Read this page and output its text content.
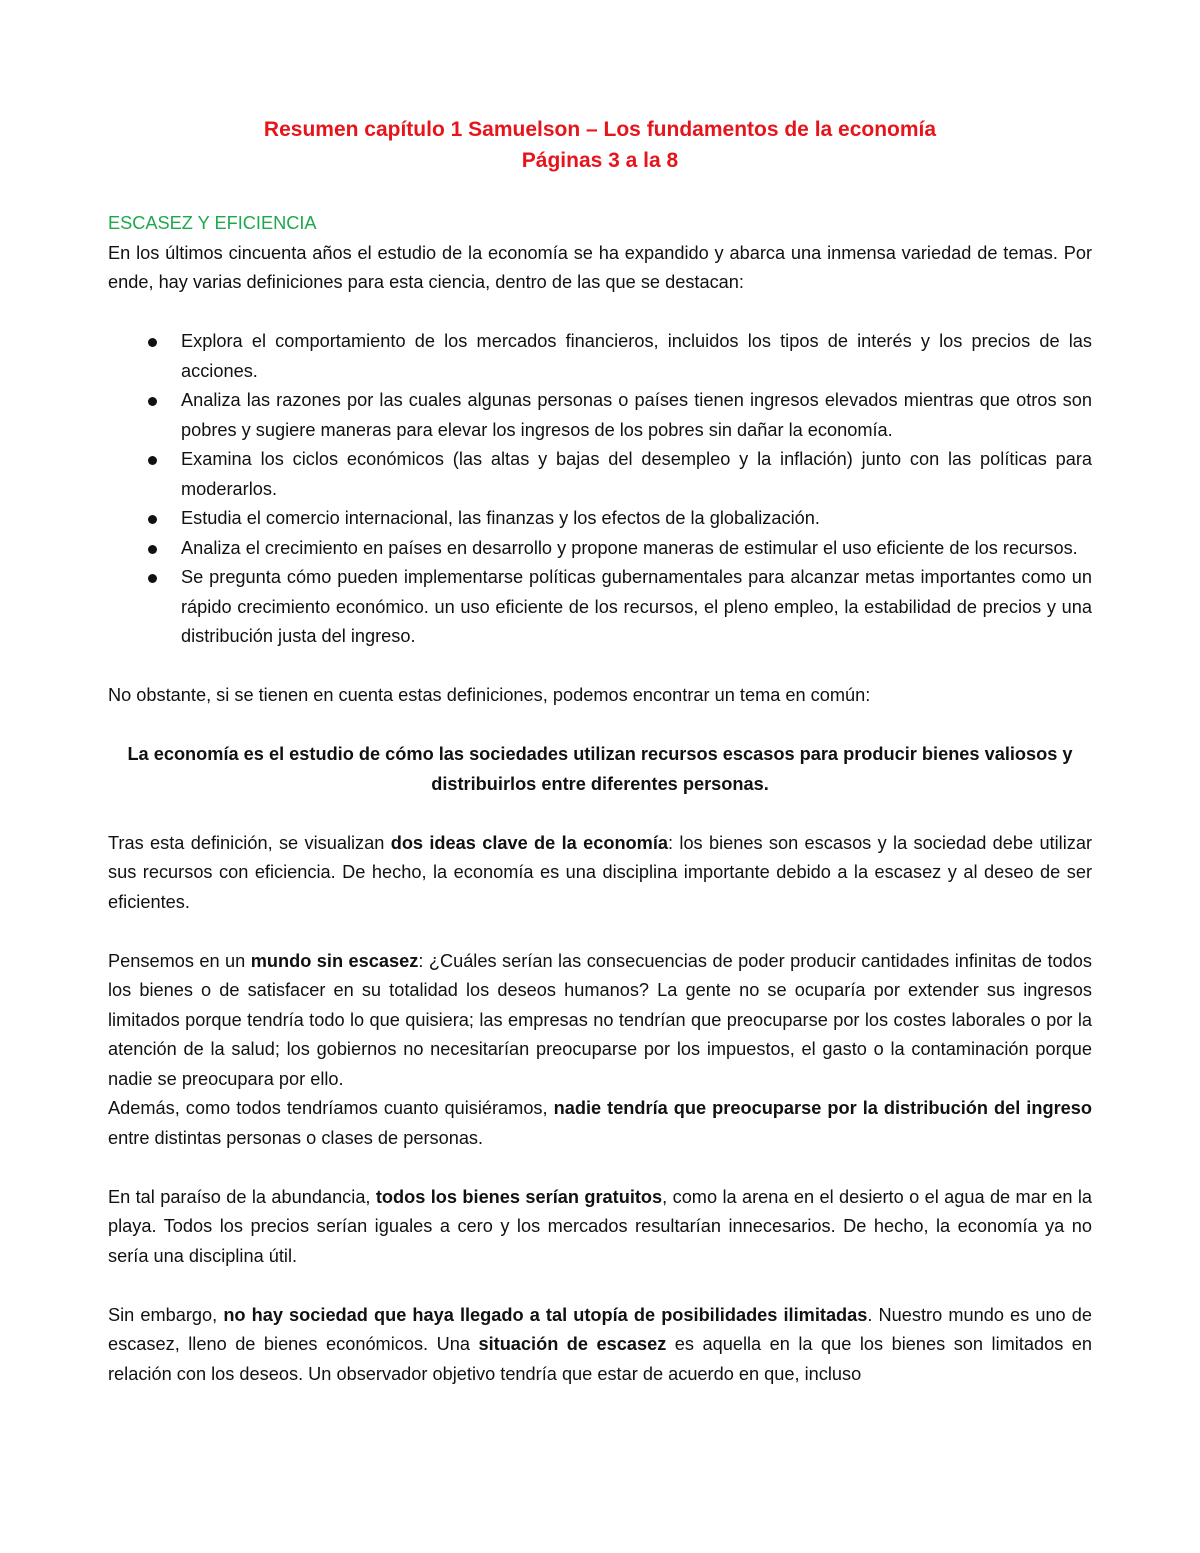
Resumen capítulo 1 Samuelson – Los fundamentos de la economía
Páginas 3 a la 8
ESCASEZ Y EFICIENCIA

En los últimos cincuenta años el estudio de la economía se ha expandido y abarca una inmensa variedad de temas. Por ende, hay varias definiciones para esta ciencia, dentro de las que se destacan:

Explora el comportamiento de los mercados financieros, incluidos los tipos de interés y los precios de las acciones.
Analiza las razones por las cuales algunas personas o países tienen ingresos elevados mientras que otros son pobres y sugiere maneras para elevar los ingresos de los pobres sin dañar la economía.
Examina los ciclos económicos (las altas y bajas del desempleo y la inflación) junto con las políticas para moderarlos.
Estudia el comercio internacional, las finanzas y los efectos de la globalización.
Analiza el crecimiento en países en desarrollo y propone maneras de estimular el uso eficiente de los recursos.
Se pregunta cómo pueden implementarse políticas gubernamentales para alcanzar metas importantes como un rápido crecimiento económico. un uso eficiente de los recursos, el pleno empleo, la estabilidad de precios y una distribución justa del ingreso.

No obstante, si se tienen en cuenta estas definiciones, podemos encontrar un tema en común:

La economía es el estudio de cómo las sociedades utilizan recursos escasos para producir bienes valiosos y distribuirlos entre diferentes personas.

Tras esta definición, se visualizan dos ideas clave de la economía: los bienes son escasos y la sociedad debe utilizar sus recursos con eficiencia. De hecho, la economía es una disciplina importante debido a la escasez y al deseo de ser eficientes.

Pensemos en un mundo sin escasez: ¿Cuáles serían las consecuencias de poder producir cantidades infinitas de todos los bienes o de satisfacer en su totalidad los deseos humanos? La gente no se ocuparía por extender sus ingresos limitados porque tendría todo lo que quisiera; las empresas no tendrían que preocuparse por los costes laborales o por la atención de la salud; los gobiernos no necesitarían preocuparse por los impuestos, el gasto o la contaminación porque nadie se preocupara por ello.

Además, como todos tendríamos cuanto quisiéramos, nadie tendría que preocuparse por la distribución del ingreso entre distintas personas o clases de personas.

En tal paraíso de la abundancia, todos los bienes serían gratuitos, como la arena en el desierto o el agua de mar en la playa. Todos los precios serían iguales a cero y los mercados resultarían innecesarios. De hecho, la economía ya no sería una disciplina útil.

Sin embargo, no hay sociedad que haya llegado a tal utopía de posibilidades ilimitadas. Nuestro mundo es uno de escasez, lleno de bienes económicos. Una situación de escasez es aquella en la que los bienes son limitados en relación con los deseos. Un observador objetivo tendría que estar de acuerdo en que, incluso
